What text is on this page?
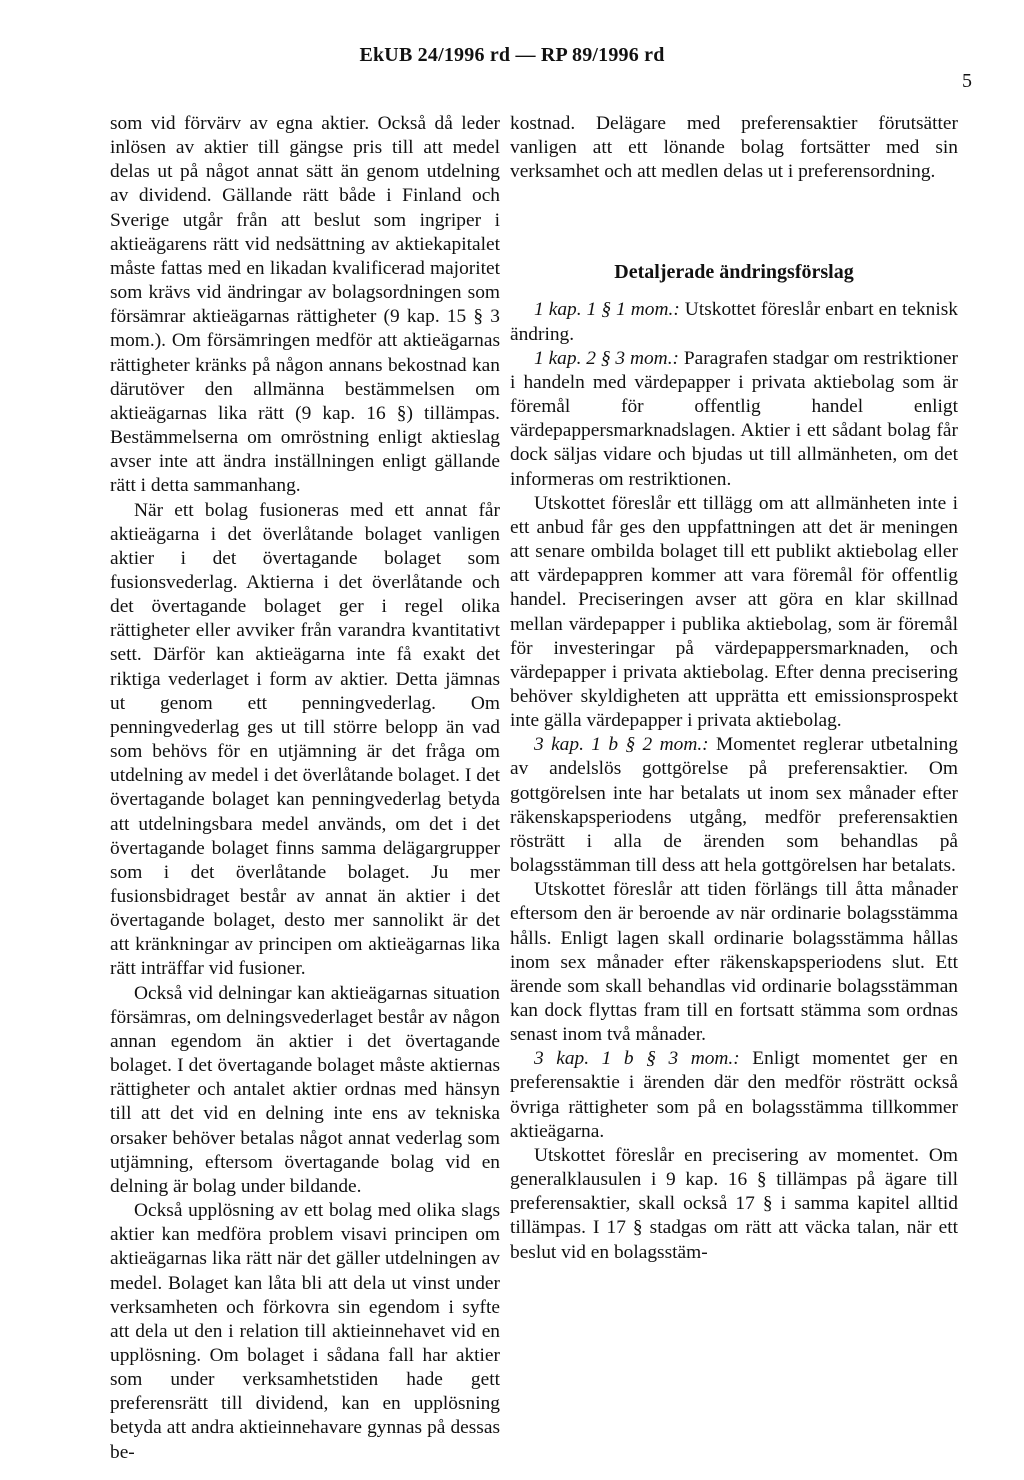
EkUB 24/1996 rd — RP 89/1996 rd
5

som vid förvärv av egna aktier. Också då leder inlösen av aktier till gängse pris till att medel delas ut på något annat sätt än genom utdelning av dividend. Gällande rätt både i Finland och Sverige utgår från att beslut som ingriper i aktieägarens rätt vid nedsättning av aktiekapitalet måste fattas med en likadan kvalificerad majoritet som krävs vid ändringar av bolagsordningen som försämrar aktieägarnas rättigheter (9 kap. 15 § 3 mom.). Om försämringen medför att aktieägarnas rättigheter kränks på någon annans bekostnad kan därutöver den allmänna bestämmelsen om aktieägarnas lika rätt (9 kap. 16 §) tillämpas. Bestämmelserna om omröstning enligt aktieslag avser inte att ändra inställningen enligt gällande rätt i detta sammanhang.

När ett bolag fusioneras med ett annat får aktieägarna i det överlåtande bolaget vanligen aktier i det övertagande bolaget som fusionsvederlag. Aktierna i det överlåtande och det övertagande bolaget ger i regel olika rättigheter eller avviker från varandra kvantitativt sett. Därför kan aktieägarna inte få exakt det riktiga vederlaget i form av aktier. Detta jämnas ut genom ett penningvederlag. Om penningvederlag ges ut till större belopp än vad som behövs för en utjämning är det fråga om utdelning av medel i det överlåtande bolaget. I det övertagande bolaget kan penningvederlag betyda att utdelningsbara medel används, om det i det övertagande bolaget finns samma delägargrupper som i det överlåtande bolaget. Ju mer fusionsbidraget består av annat än aktier i det övertagande bolaget, desto mer sannolikt är det att kränkningar av principen om aktieägarnas lika rätt inträffar vid fusioner.

Också vid delningar kan aktieägarnas situation försämras, om delningsvederlaget består av någon annan egendom än aktier i det övertagande bolaget. I det övertagande bolaget måste aktiernas rättigheter och antalet aktier ordnas med hänsyn till att det vid en delning inte ens av tekniska orsaker behöver betalas något annat vederlag som utjämning, eftersom övertagande bolag vid en delning är bolag under bildande.

Också upplösning av ett bolag med olika slags aktier kan medföra problem visavi principen om aktieägarnas lika rätt när det gäller utdelningen av medel. Bolaget kan låta bli att dela ut vinst under verksamheten och förkovra sin egendom i syfte att dela ut den i relation till aktieinnehavet vid en upplösning. Om bolaget i sådana fall har aktier som under verksamhetstiden hade gett preferensrätt till dividend, kan en upplösning betyda att andra aktieinnehavare gynnas på dessas be-

kostnad. Delägare med preferensaktier förutsätter vanligen att ett lönande bolag fortsätter med sin verksamhet och att medlen delas ut i preferensordning.

Detaljerade ändringsförslag

1 kap. 1 § 1 mom.: Utskottet föreslår enbart en teknisk ändring.

1 kap. 2 § 3 mom.: Paragrafen stadgar om restriktioner i handeln med värdepapper i privata aktiebolag som är föremål för offentlig handel enligt värdepappersmarknadslagen. Aktier i ett sådant bolag får dock säljas vidare och bjudas ut till allmänheten, om det informeras om restriktionen.

Utskottet föreslår ett tillägg om att allmänheten inte i ett anbud får ges den uppfattningen att det är meningen att senare ombilda bolaget till ett publikt aktiebolag eller att värdepappren kommer att vara föremål för offentlig handel. Preciseringen avser att göra en klar skillnad mellan värdepapper i publika aktiebolag, som är föremål för investeringar på värdepappersmarknaden, och värdepapper i privata aktiebolag. Efter denna precisering behöver skyldigheten att upprätta ett emissionsprospekt inte gälla värdepapper i privata aktiebolag.

3 kap. 1 b § 2 mom.: Momentet reglerar utbetalning av andelslös gottgörelse på preferensaktier. Om gottgörelsen inte har betalats ut inom sex månader efter räkenskapsperiodens utgång, medför preferensaktien rösträtt i alla de ärenden som behandlas på bolagsstämman till dess att hela gottgörelsen har betalats.

Utskottet föreslår att tiden förlängs till åtta månader eftersom den är beroende av när ordinarie bolagsstämma hålls. Enligt lagen skall ordinarie bolagsstämma hållas inom sex månader efter räkenskapsperiodens slut. Ett ärende som skall behandlas vid ordinarie bolagsstämman kan dock flyttas fram till en fortsatt stämma som ordnas senast inom två månader.

3 kap. 1 b § 3 mom.: Enligt momentet ger en preferensaktie i ärenden där den medför rösträtt också övriga rättigheter som på en bolagsstämma tillkommer aktieägarna.

Utskottet föreslår en precisering av momentet. Om generalklausulen i 9 kap. 16 § tillämpas på ägare till preferensaktier, skall också 17 § i samma kapitel alltid tillämpas. I 17 § stadgas om rätt att väcka talan, när ett beslut vid en bolagsstäm-
